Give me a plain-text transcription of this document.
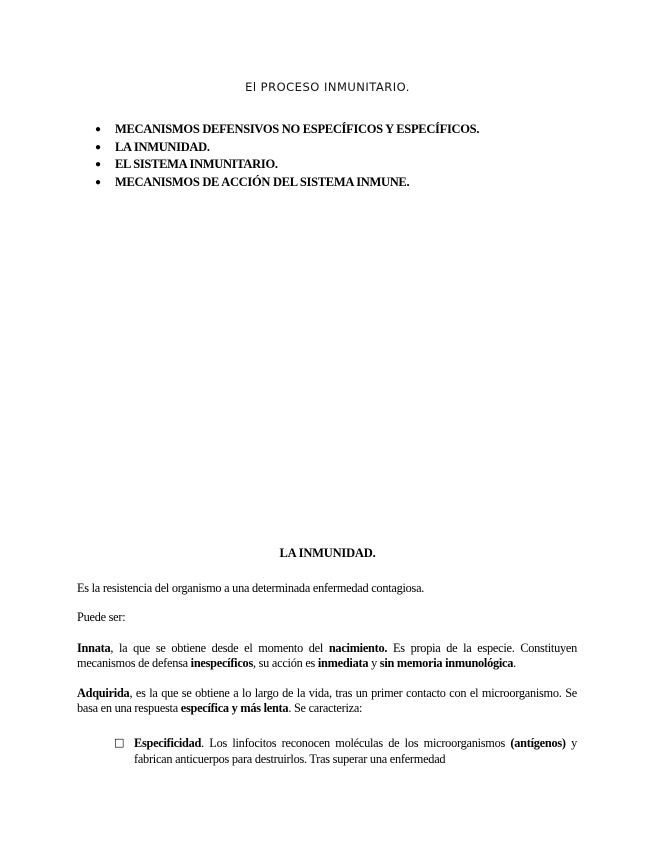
El PROCESO INMUNITARIO.
●	MECANISMOS DEFENSIVOS NO ESPECÍFICOS Y ESPECÍFICOS.
●	LA INMUNIDAD.
●	EL SISTEMA INMUNITARIO.
●	MECANISMOS DE ACCIÓN DEL SISTEMA INMUNE.
LA INMUNIDAD.

Es la resistencia del organismo a una determinada enfermedad contagiosa.

Puede ser:

Innata, la que se obtiene desde el momento del nacimiento. Es propia de la especie. Constituyen mecanismos de defensa inespecíficos, su acción es inmediata y sin memoria inmunológica.

Adquirida, es la que se obtiene a lo largo de la vida, tras un primer contacto con el microorganismo. Se basa en una respuesta específica y más lenta. Se caracteriza:

□ Especificidad. Los linfocitos reconocen moléculas de los microorganismos (antígenos) y fabrican anticuerpos para destruirlos. Tras superar una enfermedad
